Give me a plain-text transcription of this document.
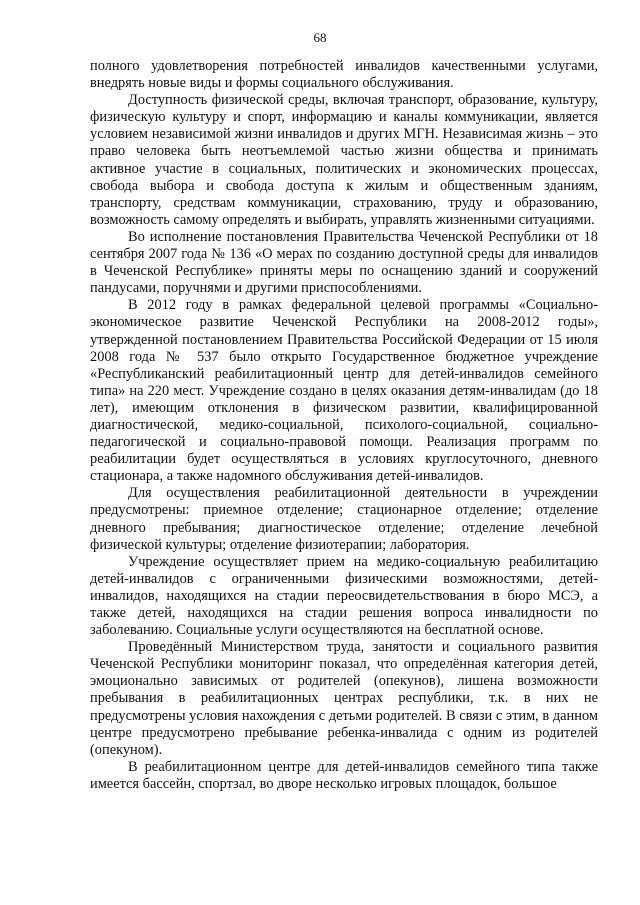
68

полного удовлетворения потребностей инвалидов качественными услугами, внедрять новые виды и формы социального обслуживания.

Доступность физической среды, включая транспорт, образование, культуру, физическую культуру и спорт, информацию и каналы коммуникации, является условием независимой жизни инвалидов и других МГН. Независимая жизнь – это право человека быть неотъемлемой частью жизни общества и принимать активное участие в социальных, политических и экономических процессах, свобода выбора и свобода доступа к жилым и общественным зданиям, транспорту, средствам коммуникации, страхованию, труду и образованию, возможность самому определять и выбирать, управлять жизненными ситуациями.

Во исполнение постановления Правительства Чеченской Республики от 18 сентября 2007 года № 136 «О мерах по созданию доступной среды для инвалидов в Чеченской Республике» приняты меры по оснащению зданий и сооружений пандусами, поручнями и другими приспособлениями.

В 2012 году в рамках федеральной целевой программы «Социально-экономическое развитие Чеченской Республики на 2008-2012 годы», утвержденной постановлением Правительства Российской Федерации от 15 июля 2008 года № 537 было открыто Государственное бюджетное учреждение «Республиканский реабилитационный центр для детей-инвалидов семейного типа» на 220 мест. Учреждение создано в целях оказания детям-инвалидам (до 18 лет), имеющим отклонения в физическом развитии, квалифицированной диагностической, медико-социальной, психолого-социальной, социально-педагогической и социально-правовой помощи. Реализация программ по реабилитации будет осуществляться в условиях круглосуточного, дневного стационара, а также надомного обслуживания детей-инвалидов.

Для осуществления реабилитационной деятельности в учреждении предусмотрены: приемное отделение; стационарное отделение; отделение дневного пребывания; диагностическое отделение; отделение лечебной физической культуры; отделение физиотерапии; лаборатория.

Учреждение осуществляет прием на медико-социальную реабилитацию детей-инвалидов с ограниченными физическими возможностями, детей-инвалидов, находящихся на стадии переосвидетельствования в бюро МСЭ, а также детей, находящихся на стадии решения вопроса инвалидности по заболеванию. Социальные услуги осуществляются на бесплатной основе.

Проведённый Министерством труда, занятости и социального развития Чеченской Республики мониторинг показал, что определённая категория детей, эмоционально зависимых от родителей (опекунов), лишена возможности пребывания в реабилитационных центрах республики, т.к. в них не предусмотрены условия нахождения с детьми родителей. В связи с этим, в данном центре предусмотрено пребывание ребенка-инвалида с одним из родителей (опекуном).

В реабилитационном центре для детей-инвалидов семейного типа также имеется бассейн, спортзал, во дворе несколько игровых площадок, большое
